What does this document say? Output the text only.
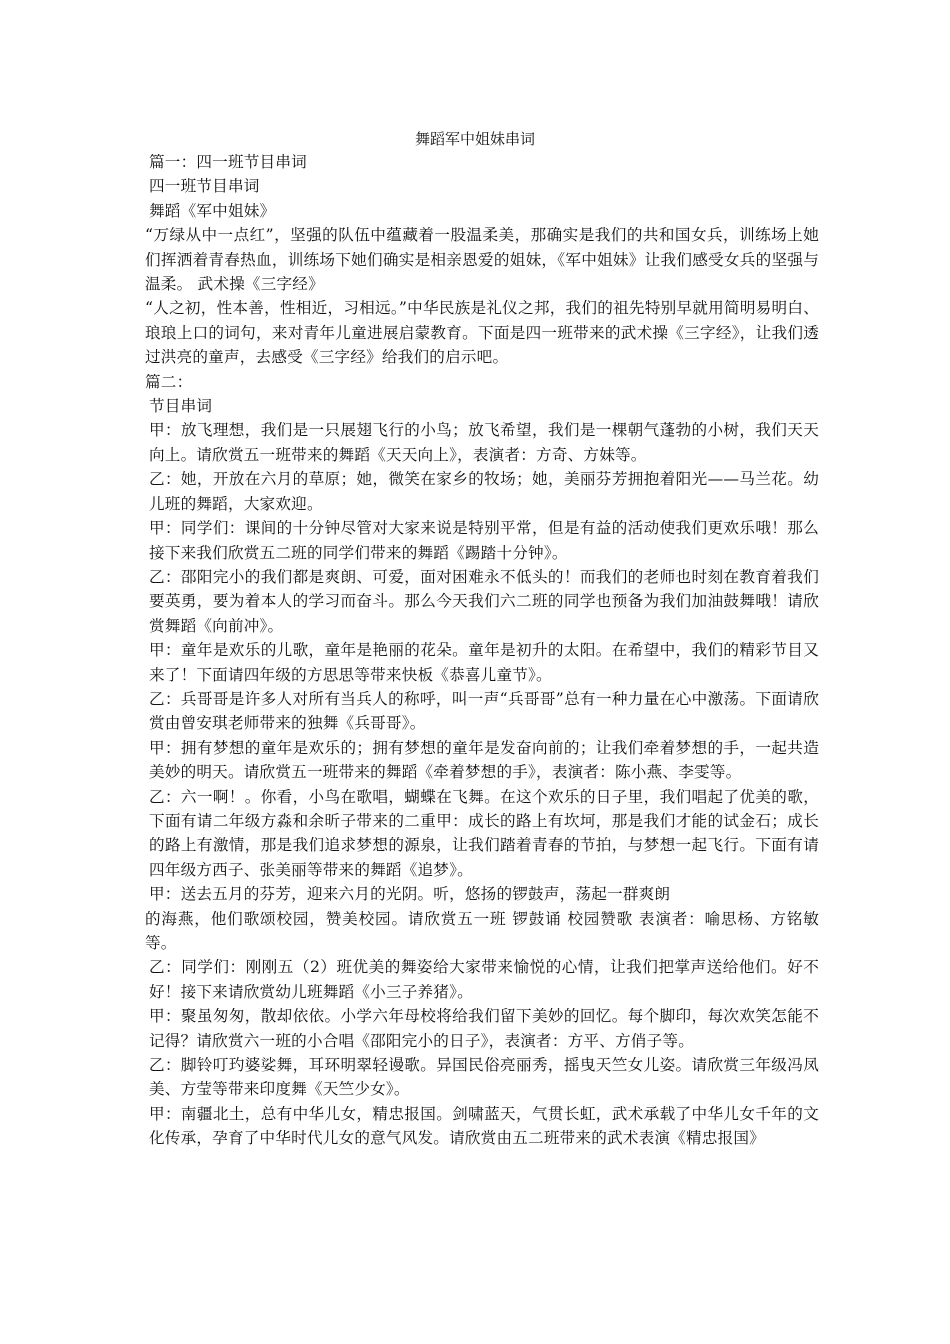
舞蹈军中姐妹串词

篇一：四一班节目串词

四一班节目串词

舞蹈《军中姐妹》

“万绿从中一点红”，坚强的队伍中蕴藏着一股温柔美，那确实是我们的共和国女兵，训练场上她们挥洒着青春热血，训练场下她们确实是相亲恩爱的姐妹，《军中姐妹》让我们感受女兵的坚强与温柔。 武术操《三字经》

“人之初，性本善，性相近，习相远。”中华民族是礼仪之邦，我们的祖先特别早就用简明易明白、琅琅上口的词句，来对青年儿童进展启蒙教育。下面是四一班带来的武术操《三字经》，让我们透过洪亮的童声，去感受《三字经》给我们的启示吧。

篇二：

节目串词

甲：放飞理想，我们是一只展翅飞行的小鸟；放飞希望，我们是一棵朝气蓬勃的小树，我们天天向上。请欣赏五一班带来的舞蹈《天天向上》，表演者：方奇、方妹等。

乙：她，开放在六月的草原；她，微笑在家乡的牧场；她，美丽芬芳拥抱着阳光——马兰花。幼儿班的舞蹈，大家欢迎。

甲：同学们：课间的十分钟尽管对大家来说是特别平常，但是有益的活动使我们更欢乐哦！那么接下来我们欣赏五二班的同学们带来的舞蹈《踢踏十分钟》。

乙：邵阳完小的我们都是爽朗、可爱，面对困难永不低头的！而我们的老师也时刻在教育着我们要英勇，要为着本人的学习而奋斗。那么今天我们六二班的同学也预备为我们加油鼓舞哦！请欣赏舞蹈《向前冲》。

甲：童年是欢乐的儿歌，童年是艳丽的花朵。童年是初升的太阳。在希望中，我们的精彩节目又来了！下面请四年级的方思思等带来快板《恭喜儿童节》。

乙：兵哥哥是许多人对所有当兵人的称呼，叫一声“兵哥哥”总有一种力量在心中激荡。下面请欣赏由曾安琪老师带来的独舞《兵哥哥》。

甲：拥有梦想的童年是欢乐的；拥有梦想的童年是发奋向前的；让我们牵着梦想的手，一起共造美妙的明天。请欣赏五一班带来的舞蹈《牵着梦想的手》，表演者：陈小燕、李雯等。

乙：六一啊！。你看，小鸟在歌唱，蝴蝶在飞舞。在这个欢乐的日子里，我们唱起了优美的歌，下面有请二年级方淼和余昕子带来的二重甲：成长的路上有坎坷，那是我们才能的试金石；成长的路上有激情，那是我们追求梦想的源泉，让我们踏着青春的节拍，与梦想一起飞行。下面有请四年级方西子、张美丽等带来的舞蹈《追梦》。

甲：送去五月的芬芳，迎来六月的光阴。听，悠扬的锣鼓声，荡起一群爽朗

的海燕，他们歌颂校园，赞美校园。请欣赏五一班 锣鼓诵 校园赞歌 表演者：喻思杨、方铭敏等。

乙：同学们：刚刚五（2）班优美的舞姿给大家带来愉悦的心情，让我们把掌声送给他们。好不好！接下来请欣赏幼儿班舞蹈《小三子养猪》。

甲：聚虽匆匆，散却依依。小学六年母校将给我们留下美妙的回忆。每个脚印，每次欢笑怎能不记得？请欣赏六一班的小合唱《邵阳完小的日子》，表演者：方平、方俏子等。

乙：脚铃叮玓婆娑舞，耳环明翠轻谩歌。异国民俗亮丽秀，摇曳天竺女儿姿。请欣赏三年级冯凤美、方莹等带来印度舞《天竺少女》。

甲：南疆北土，总有中华儿女，精忠报国。剑啸蓝天，气贯长虹，武术承载了中华儿女千年的文化传承，孕育了中华时代儿女的意气风发。请欣赏由五二班带来的武术表演《精忠报国》
